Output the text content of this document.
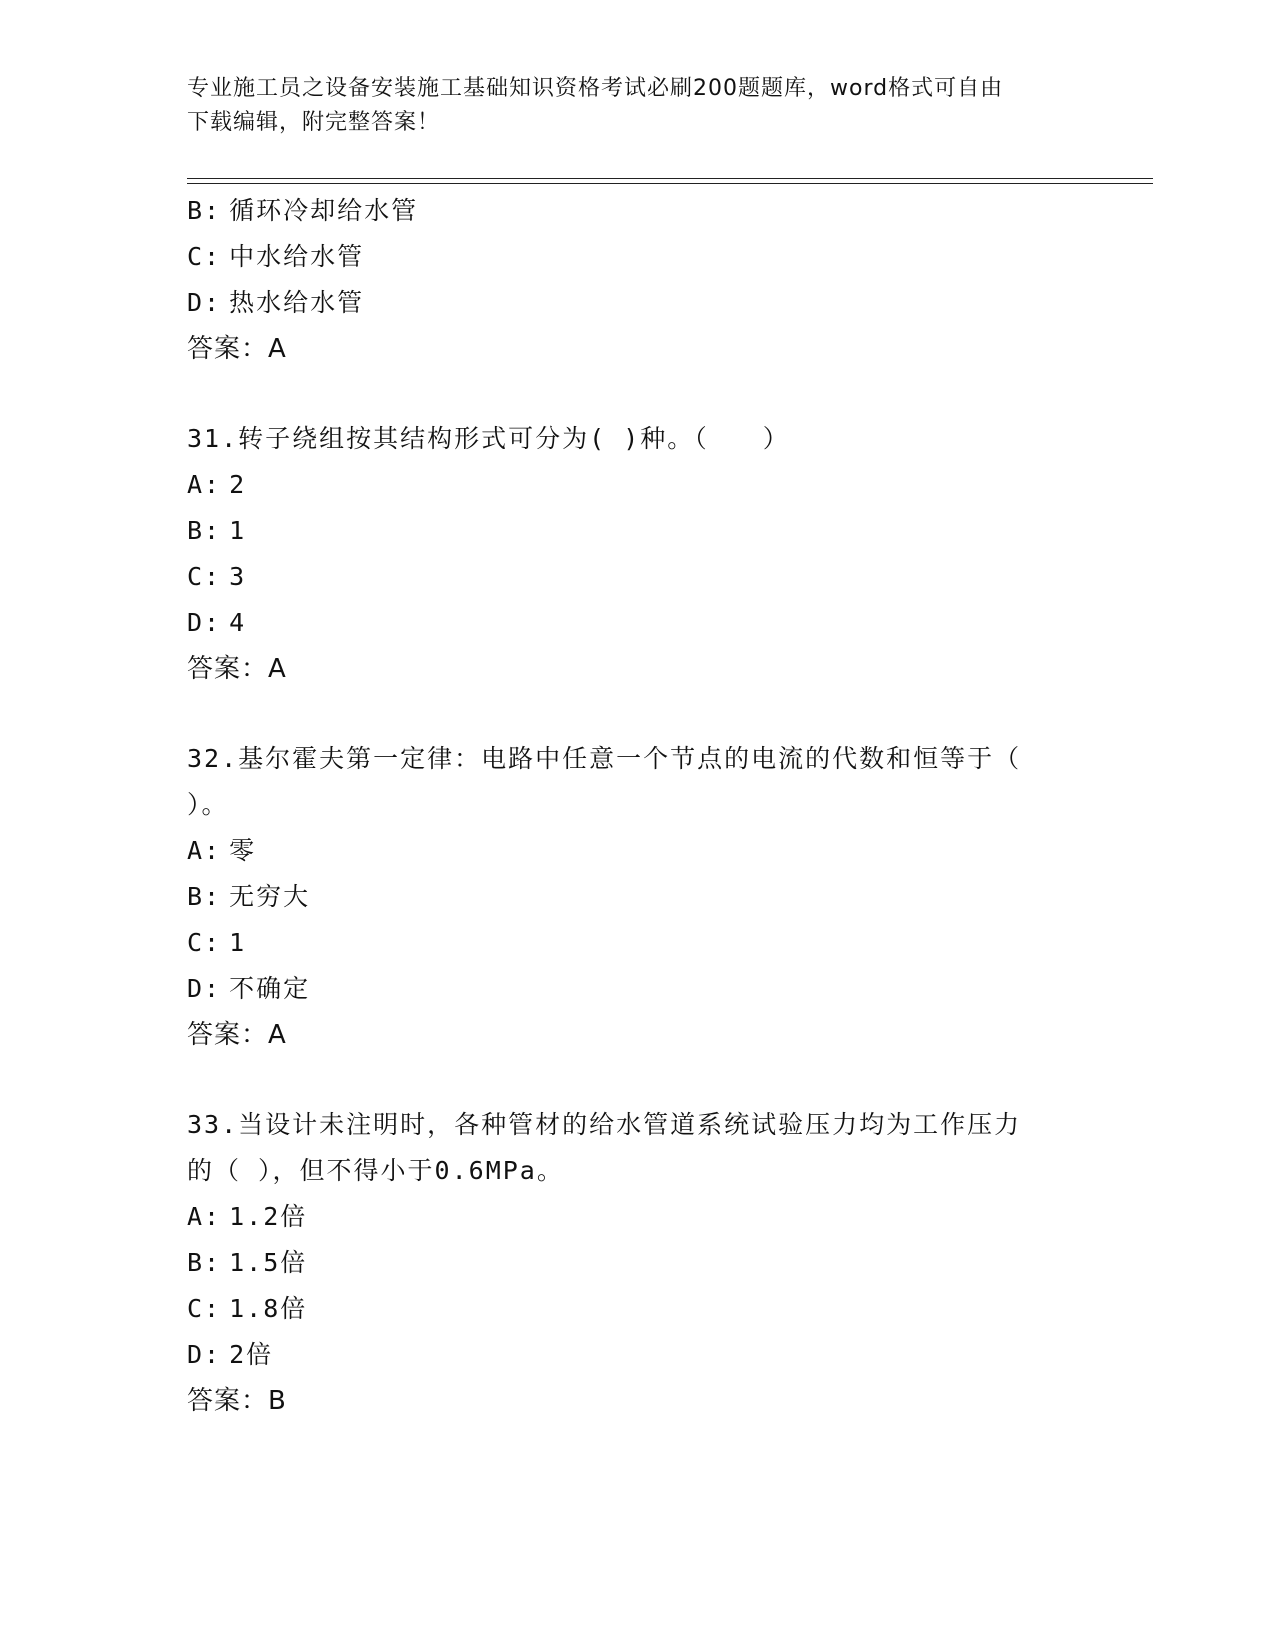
专业施工员之设备安装施工基础知识资格考试必刷200题题库，word格式可自由
下载编辑，附完整答案！
B: 循环冷却给水管
C: 中水给水管
D: 热水给水管
答案：A
31.转子绕组按其结构形式可分为( )种。（　　）
A: 2
B: 1
C: 3
D: 4
答案：A
32.基尔霍夫第一定律：电路中任意一个节点的电流的代数和恒等于（
）。
A: 零
B: 无穷大
C: 1
D: 不确定
答案：A
33.当设计未注明时，各种管材的给水管道系统试验压力均为工作压力
的（ ），但不得小于0.6MPa。
A: 1.2倍
B: 1.5倍
C: 1.8倍
D: 2倍
答案：B
